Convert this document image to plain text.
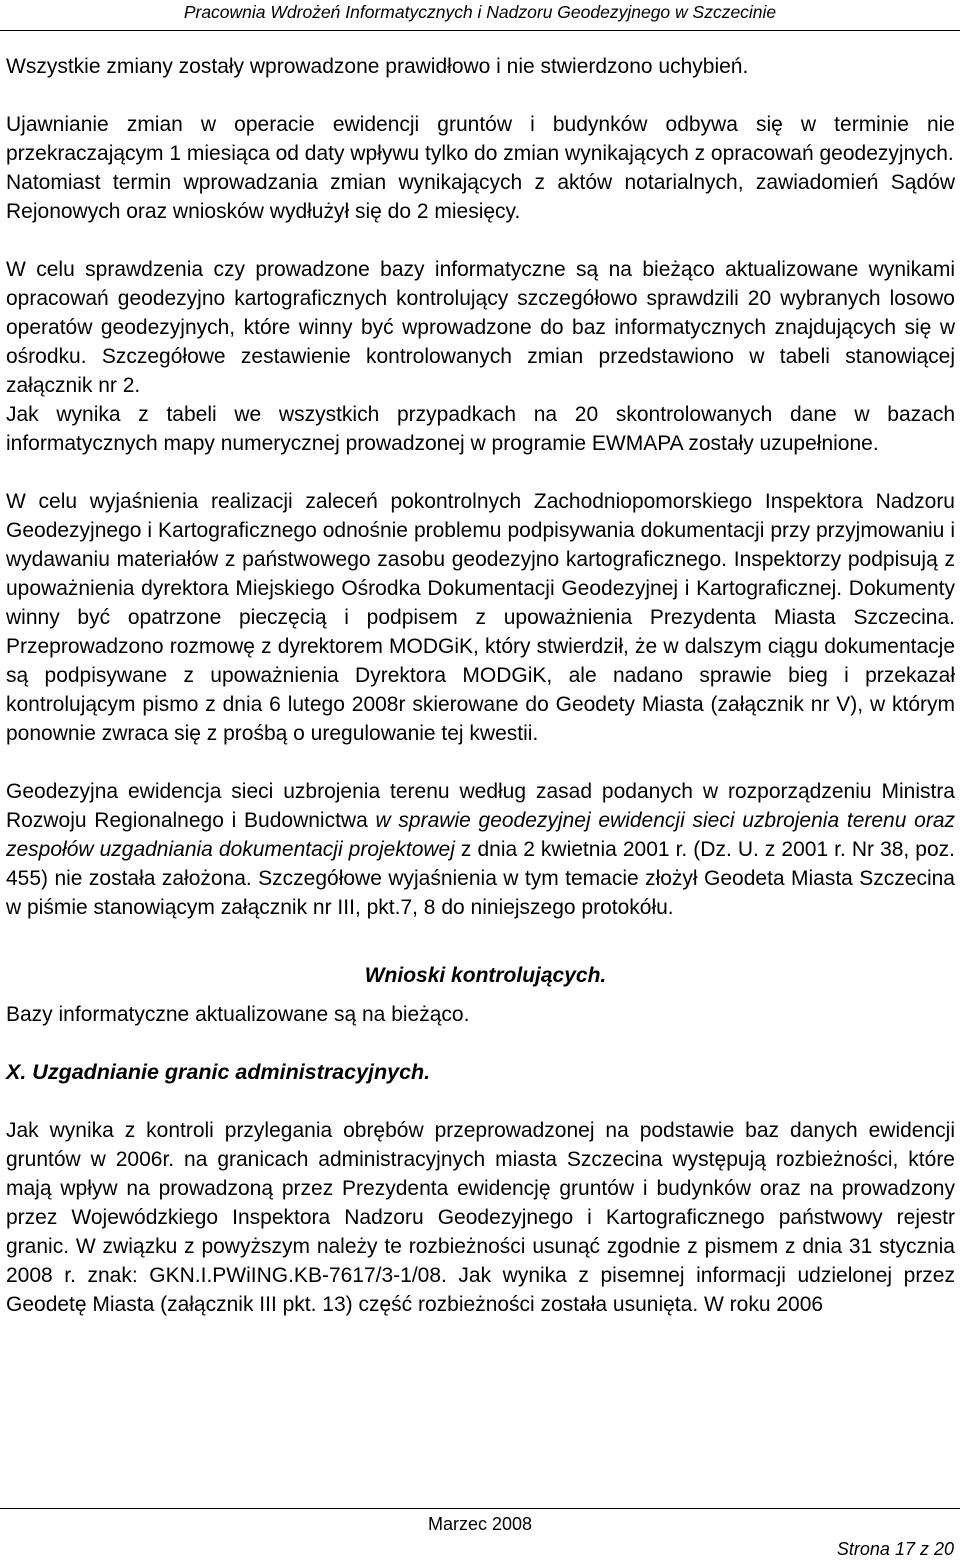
Pracownia Wdrożeń Informatycznych i Nadzoru Geodezyjnego w Szczecinie

Wszystkie zmiany zostały wprowadzone prawidłowo i nie stwierdzono uchybień.

Ujawnianie zmian w operacie ewidencji gruntów i budynków odbywa się w terminie nie przekraczającym 1 miesiąca od daty wpływu tylko do zmian wynikających z opracowań geodezyjnych.

Natomiast termin wprowadzania zmian wynikających z aktów notarialnych, zawiadomień Sądów Rejonowych oraz wniosków wydłużył się do 2 miesięcy.

W celu sprawdzenia czy prowadzone bazy informatyczne są na bieżąco aktualizowane wynikami opracowań geodezyjno kartograficznych kontrolujący szczegółowo sprawdzili 20 wybranych losowo operatów geodezyjnych, które winny być wprowadzone do baz informatycznych znajdujących się w ośrodku. Szczegółowe zestawienie kontrolowanych zmian przedstawiono w tabeli stanowiącej załącznik nr 2.

Jak wynika z tabeli we wszystkich przypadkach na 20 skontrolowanych dane w bazach informatycznych mapy numerycznej prowadzonej w programie EWMAPA zostały uzupełnione.

W celu wyjaśnienia realizacji zaleceń pokontrolnych Zachodniopomorskiego Inspektora Nadzoru Geodezyjnego i Kartograficznego odnośnie problemu podpisywania dokumentacji przy przyjmowaniu i wydawaniu materiałów z państwowego zasobu geodezyjno kartograficznego. Inspektorzy podpisują z upoważnienia dyrektora Miejskiego Ośrodka Dokumentacji Geodezyjnej i Kartograficznej. Dokumenty winny być opatrzone pieczęcią i podpisem z upoważnienia Prezydenta Miasta Szczecina. Przeprowadzono rozmowę z dyrektorem MODGiK, który stwierdził, że w dalszym ciągu dokumentacje są podpisywane z upoważnienia Dyrektora MODGiK, ale nadano sprawie bieg i przekazał kontrolującym pismo z dnia 6 lutego 2008r skierowane do Geodety Miasta (załącznik nr V), w którym ponownie zwraca się z prośbą o uregulowanie tej kwestii.

Geodezyjna ewidencja sieci uzbrojenia terenu według zasad podanych w rozporządzeniu Ministra Rozwoju Regionalnego i Budownictwa w sprawie geodezyjnej ewidencji sieci uzbrojenia terenu oraz zespołów uzgadniania dokumentacji projektowej z dnia 2 kwietnia 2001 r. (Dz. U. z 2001 r. Nr 38, poz. 455) nie została założona. Szczegółowe wyjaśnienia w tym temacie złożył Geodeta Miasta Szczecina w piśmie stanowiącym załącznik nr III, pkt.7, 8 do niniejszego protokółu.

Wnioski kontrolujących.

Bazy informatyczne aktualizowane są na bieżąco.

X. Uzgadnianie granic administracyjnych.

Jak wynika z kontroli przylegania obrębów przeprowadzonej na podstawie baz danych ewidencji gruntów w 2006r. na granicach administracyjnych miasta Szczecina występują rozbieżności, które mają wpływ na prowadzoną przez Prezydenta ewidencję gruntów i budynków oraz na prowadzony przez Wojewódzkiego Inspektora Nadzoru Geodezyjnego i Kartograficznego państwowy rejestr granic. W związku z powyższym należy te rozbieżności usunąć zgodnie z pismem z dnia 31 stycznia 2008 r. znak: GKN.I.PWiING.KB-7617/3-1/08. Jak wynika z pisemnej informacji udzielonej przez Geodetę Miasta (załącznik III pkt. 13) część rozbieżności została usunięta. W roku 2006

Marzec 2008
Strona 17 z 20
